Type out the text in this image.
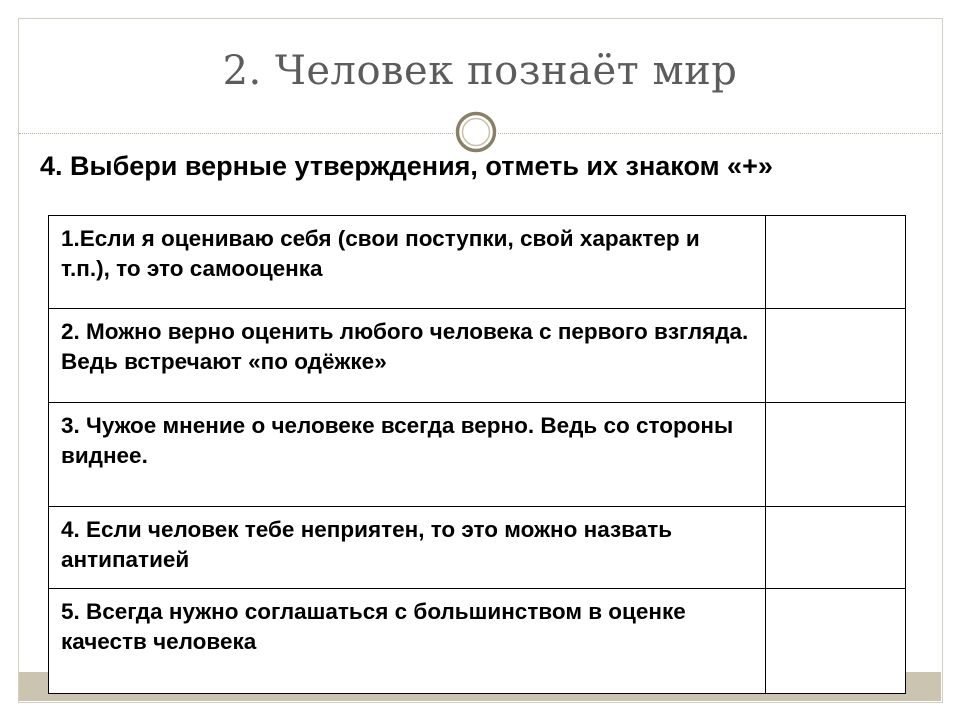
2. Человек познаёт мир
4. Выбери верные утверждения, отметь их знаком «+»
1.Если я оцениваю себя (свои поступки, свой характер и т.п.), то это самооценка	
2. Можно верно оценить любого человека с первого взгляда. Ведь встречают «по одёжке»	
3. Чужое мнение о человеке всегда верно. Ведь со стороны виднее.	
4. Если человек тебе неприятен, то это можно назвать антипатией	
5. Всегда нужно соглашаться с большинством в оценке качеств человека	
